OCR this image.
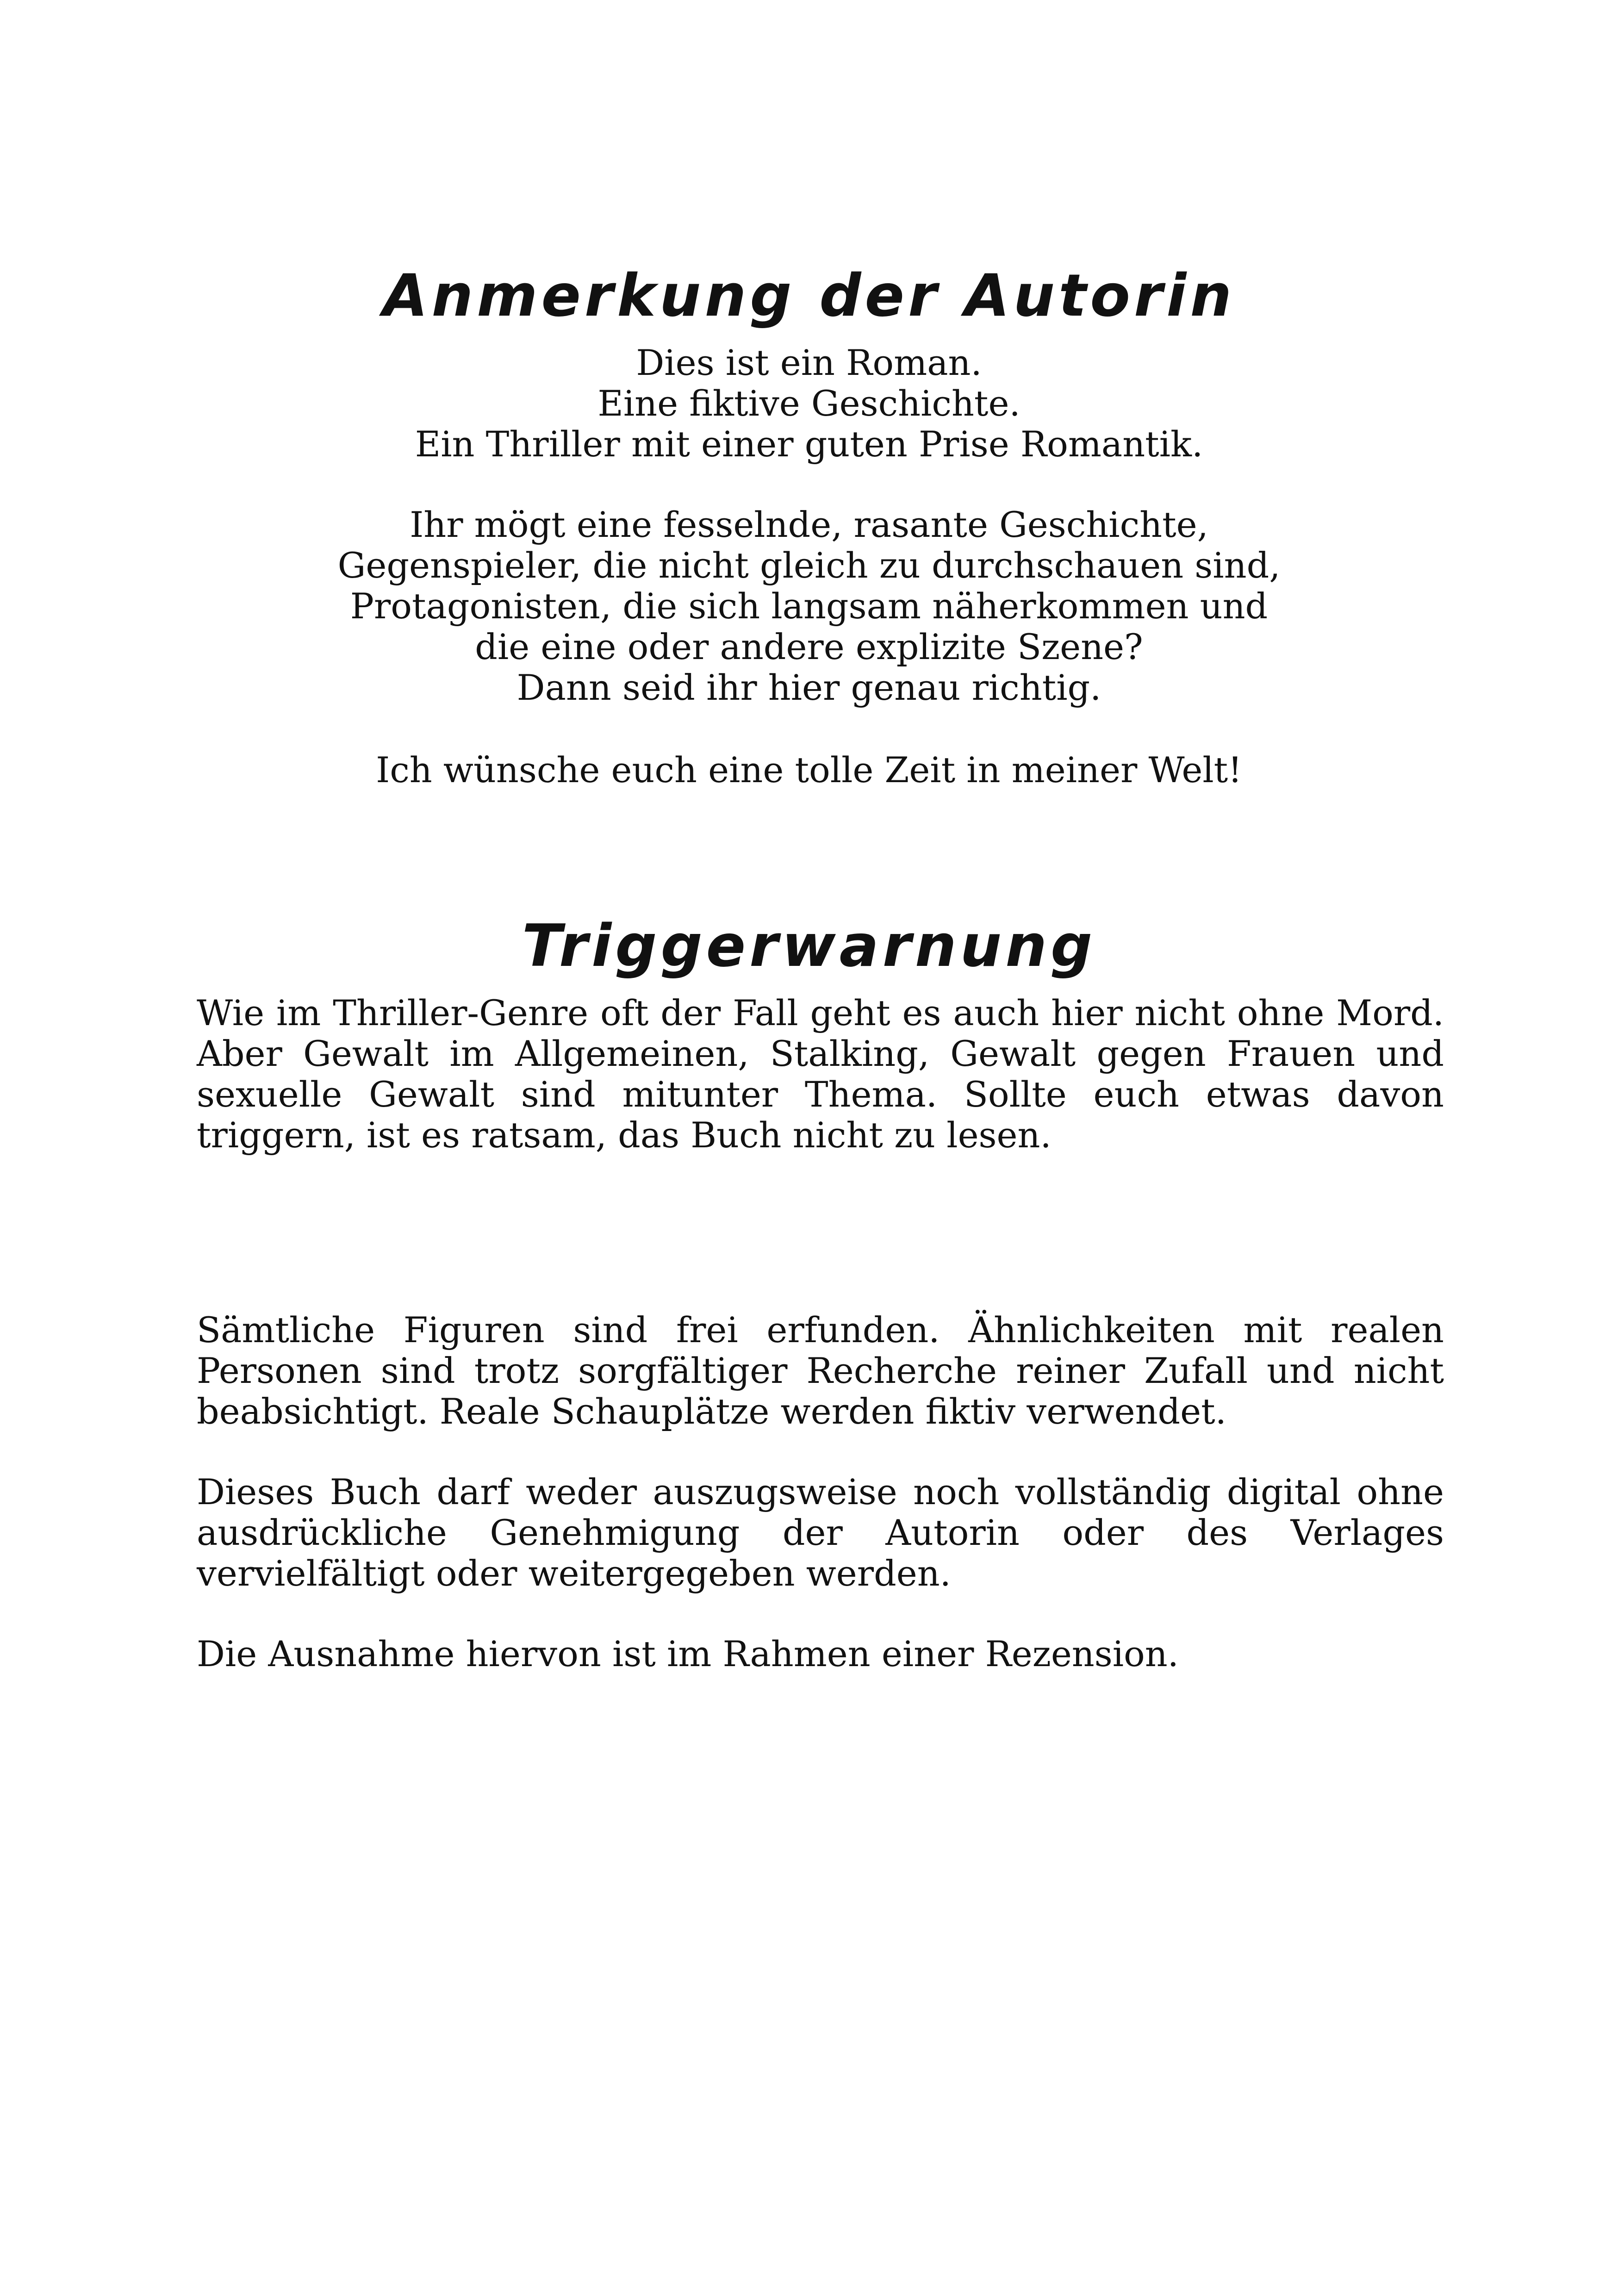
Anmerkung der Autorin
Dies ist ein Roman.
Eine fiktive Geschichte.
Ein Thriller mit einer guten Prise Romantik.
Ihr mögt eine fesselnde, rasante Geschichte,
Gegenspieler, die nicht gleich zu durchschauen sind,
Protagonisten, die sich langsam näherkommen und
die eine oder andere explizite Szene?
Dann seid ihr hier genau richtig.
Ich wünsche euch eine tolle Zeit in meiner Welt!
Triggerwarnung

Wie im Thriller-Genre oft der Fall geht es auch hier nicht ohne Mord. Aber Gewalt im Allgemeinen, Stalking, Gewalt gegen Frauen und sexuelle Gewalt sind mitunter Thema. Sollte euch etwas davon triggern, ist es ratsam, das Buch nicht zu lesen.

Sämtliche Figuren sind frei erfunden. Ähnlichkeiten mit realen Personen sind trotz sorgfältiger Recherche reiner Zufall und nicht beabsichtigt. Reale Schauplätze werden fiktiv verwendet.

Dieses Buch darf weder auszugsweise noch vollständig digital ohne ausdrückliche Genehmigung der Autorin oder des Verlages vervielfältigt oder weitergegeben werden.

Die Ausnahme hiervon ist im Rahmen einer Rezension.
